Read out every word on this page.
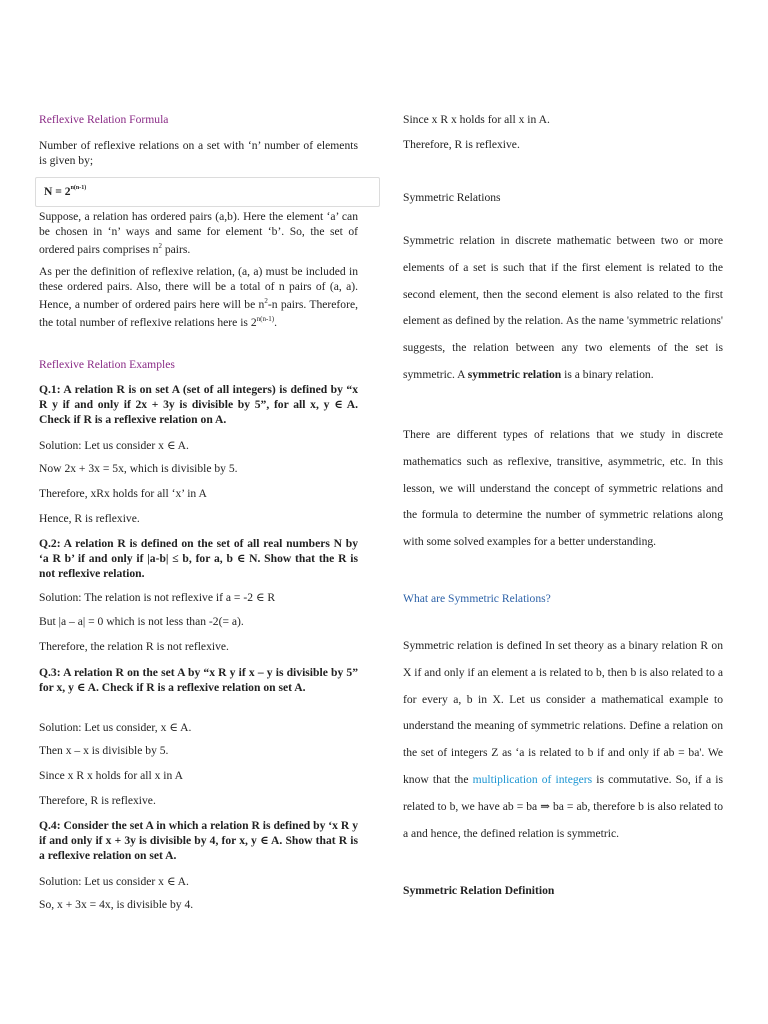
Reflexive Relation Formula
Number of reflexive relations on a set with ‘n’ number of elements is given by;
$N = 2^{n(n-1)}$
Suppose, a relation has ordered pairs (a,b). Here the element ‘a’ can be chosen in ‘n’ ways and same for element ‘b’. So, the set of ordered pairs comprises $n^2$ pairs.
As per the definition of reflexive relation, (a, a) must be included in these ordered pairs. Also, there will be a total of n pairs of (a, a). Hence, a number of ordered pairs here will be $n^2-n$ pairs. Therefore, the total number of reflexive relations here is $2^{n(n-1)}$.
Reflexive Relation Examples
Q.1: A relation R is on set A (set of all integers) is defined by “x R y if and only if 2x + 3y is divisible by 5”, for all x, y ∈ A. Check if R is a reflexive relation on A.
Solution: Let us consider x ∈ A.
Now 2x + 3x = 5x, which is divisible by 5.
Therefore, xRx holds for all ‘x’ in A
Hence, R is reflexive.
Q.2: A relation R is defined on the set of all real numbers N by ‘a R b’ if and only if |a-b| ≤ b, for a, b ∈ N. Show that the R is not reflexive relation.
Solution: The relation is not reflexive if a = -2 ∈ R
But |a – a| = 0 which is not less than -2(= a).
Therefore, the relation R is not reflexive.
Q.3: A relation R on the set A by “x R y if x – y is divisible by 5” for x, y ∈ A. Check if R is a reflexive relation on set A.
Solution: Let us consider, x ∈ A.
Then x – x is divisible by 5.
Since x R x holds for all x in A
Therefore, R is reflexive.
Q.4: Consider the set A in which a relation R is defined by ‘x R y if and only if x + 3y is divisible by 4, for x, y ∈ A. Show that R is a reflexive relation on set A.
Solution: Let us consider x ∈ A.
So, x + 3x = 4x, is divisible by 4.
Since x R x holds for all x in A.
Therefore, R is reflexive.
Symmetric Relations
Symmetric relation in discrete mathematic between two or more elements of a set is such that if the first element is related to the second element, then the second element is also related to the first element as defined by the relation. As the name 'symmetric relations' suggests, the relation between any two elements of the set is symmetric. A symmetric relation is a binary relation.
There are different types of relations that we study in discrete mathematics such as reflexive, transitive, asymmetric, etc. In this lesson, we will understand the concept of symmetric relations and the formula to determine the number of symmetric relations along with some solved examples for a better understanding.
What are Symmetric Relations?
Symmetric relation is defined In set theory as a binary relation R on X if and only if an element a is related to b, then b is also related to a for every a, b in X. Let us consider a mathematical example to understand the meaning of symmetric relations. Define a relation on the set of integers Z as ‘a is related to b if and only if ab = ba'. We know that the multiplication of integers is commutative. So, if a is related to b, we have ab = ba ⇒ ba = ab, therefore b is also related to a and hence, the defined relation is symmetric.
Symmetric Relation Definition
